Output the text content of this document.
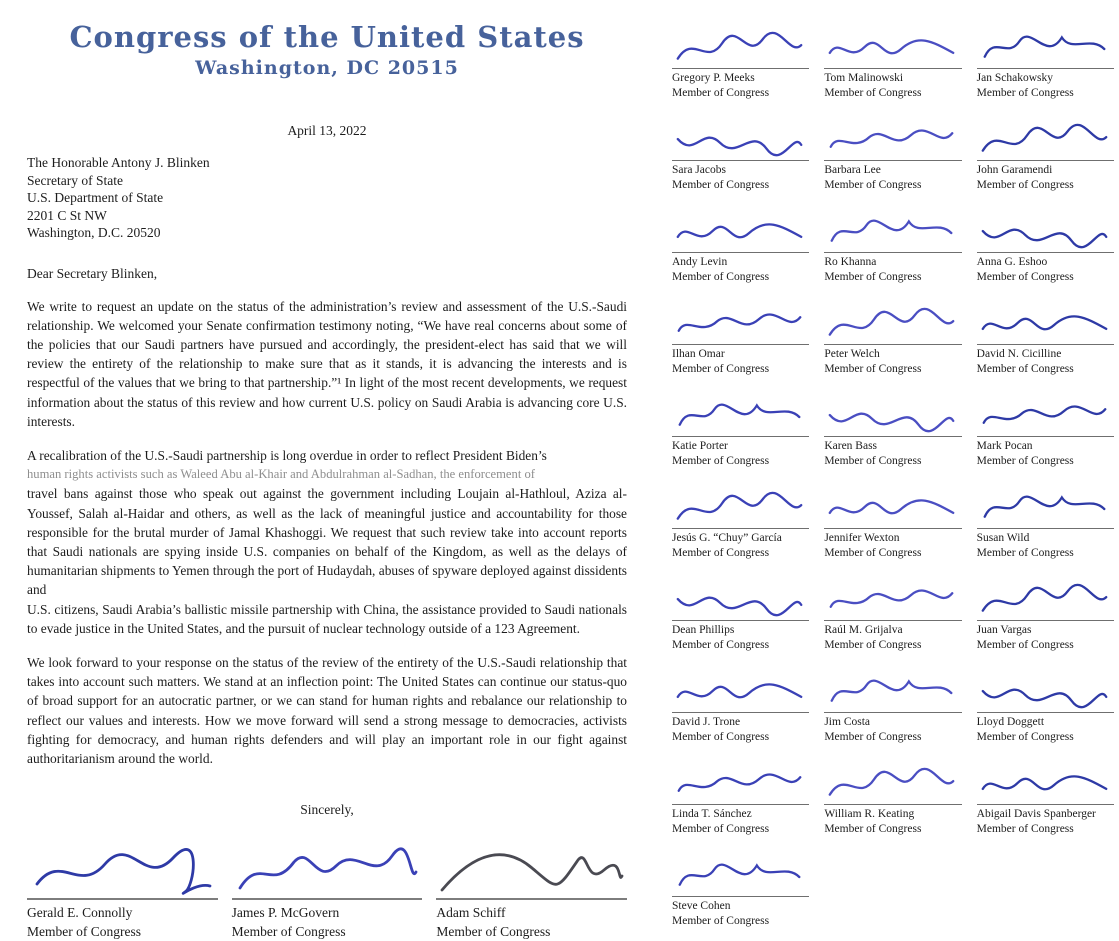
Congress of the United States
Washington, DC 20515
April 13, 2022
The Honorable Antony J. Blinken
Secretary of State
U.S. Department of State
2201 C St NW
Washington, D.C. 20520
Dear Secretary Blinken,
We write to request an update on the status of the administration’s review and assessment of the U.S.-Saudi relationship. We welcomed your Senate confirmation testimony noting, “We have real concerns about some of the policies that our Saudi partners have pursued and accordingly, the president-elect has said that we will review the entirety of the relationship to make sure that as it stands, it is advancing the interests and is respectful of the values that we bring to that partnership.”¹ In light of the most recent developments, we request information about the status of this review and how current U.S. policy on Saudi Arabia is advancing core U.S. interests.
A recalibration of the U.S.-Saudi partnership is long overdue in order to reflect President Biden’s
human rights activists such as Waleed Abu al-Khair and Abdulrahman al-Sadhan, the enforcement of
travel bans against those who speak out against the government including Loujain al-Hathloul, Aziza al-Youssef, Salah al-Haidar and others, as well as the lack of meaningful justice and accountability for those responsible for the brutal murder of Jamal Khashoggi. We request that such review take into account reports that Saudi nationals are spying inside U.S. companies on behalf of the Kingdom, as well as the delays of humanitarian shipments to Yemen through the port of Hudaydah, abuses of spyware deployed against dissidents and
U.S. citizens, Saudi Arabia’s ballistic missile partnership with China, the assistance provided to Saudi nationals to evade justice in the United States, and the pursuit of nuclear technology outside of a 123 Agreement.
We look forward to your response on the status of the review of the entirety of the U.S.-Saudi relationship that takes into account such matters. We stand at an inflection point: The United States can continue our status-quo of broad support for an autocratic partner, or we can stand for human rights and rebalance our relationship to reflect our values and interests. How we move forward will send a strong message to democracies, activists fighting for democracy, and human rights defenders and will play an important role in our fight against authoritarianism around the world.
Sincerely,
Gerald E. Connolly
Member of Congress
James P. McGovern
Member of Congress
Adam Schiff
Member of Congress
Gregory P. Meeks
Member of Congress
Tom Malinowski
Member of Congress
Jan Schakowsky
Member of Congress
Sara Jacobs
Member of Congress
Barbara Lee
Member of Congress
John Garamendi
Member of Congress
Andy Levin
Member of Congress
Ro Khanna
Member of Congress
Anna G. Eshoo
Member of Congress
Ilhan Omar
Member of Congress
Peter Welch
Member of Congress
David N. Cicilline
Member of Congress
Katie Porter
Member of Congress
Karen Bass
Member of Congress
Mark Pocan
Member of Congress
Jesús G. “Chuy” García
Member of Congress
Jennifer Wexton
Member of Congress
Susan Wild
Member of Congress
Dean Phillips
Member of Congress
Raúl M. Grijalva
Member of Congress
Juan Vargas
Member of Congress
David J. Trone
Member of Congress
Jim Costa
Member of Congress
Lloyd Doggett
Member of Congress
Linda T. Sánchez
Member of Congress
William R. Keating
Member of Congress
Abigail Davis Spanberger
Member of Congress
Steve Cohen
Member of Congress
